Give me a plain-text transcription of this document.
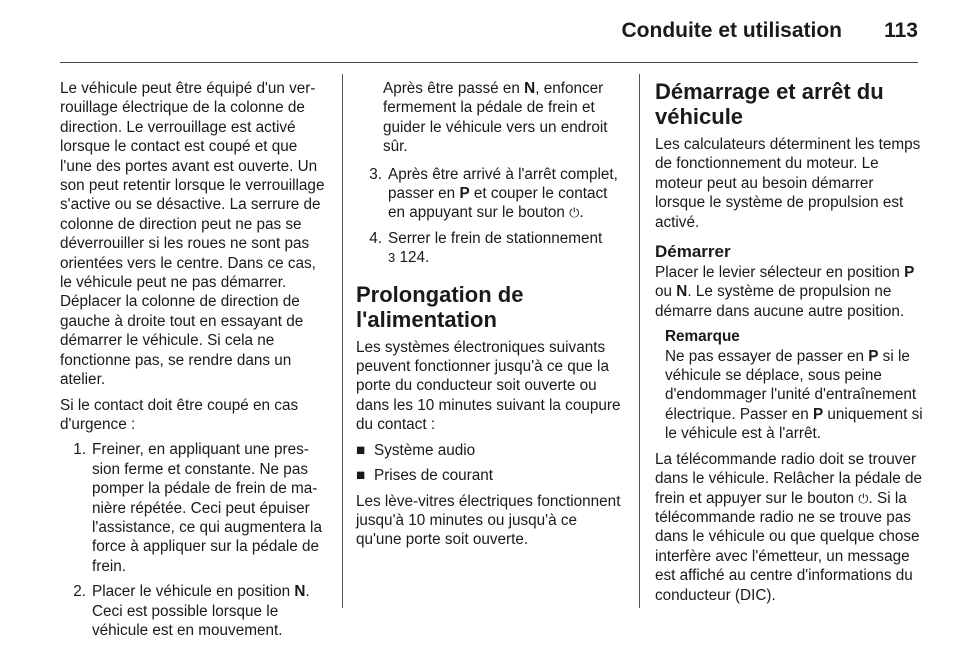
Conduite et utilisation 113

Le véhicule peut être équipé d'un verrouillage électrique de la colonne de direction. Le verrouillage est activé lorsque le contact est coupé et que l'une des portes avant est ouverte. Un son peut retentir lorsque le verrouillage s'active ou se désactive. La serrure de colonne de direction peut ne pas se déverrouiller si les roues ne sont pas orientées vers le centre. Dans ce cas, le véhicule peut ne pas démarrer. Déplacer la colonne de direction de gauche à droite tout en essayant de démarrer le véhicule. Si cela ne fonctionne pas, se rendre dans un atelier.

Si le contact doit être coupé en cas d'urgence :

1. Freiner, en appliquant une pression ferme et constante. Ne pas pomper la pédale de frein de manière répétée. Ceci peut épuiser l'assistance, ce qui augmentera la force à appliquer sur la pédale de frein.
2. Placer le véhicule en position N. Ceci est possible lorsque le véhicule est en mouvement.

Après être passé en N, enfoncer fermement la pédale de frein et guider le véhicule vers un endroit sûr.

3. Après être arrivé à l'arrêt complet, passer en P et couper le contact en appuyant sur le bouton ⏻.
4. Serrer le frein de stationnement
3 124.
Prolongation de l'alimentation

Les systèmes électroniques suivants peuvent fonctionner jusqu'à ce que la porte du conducteur soit ouverte ou dans les 10 minutes suivant la coupure du contact :

■ Système audio
■ Prises de courant

Les lève-vitres électriques fonctionnent jusqu'à 10 minutes ou jusqu'à ce qu'une porte soit ouverte.

Démarrage et arrêt du véhicule

Les calculateurs déterminent les temps de fonctionnement du moteur. Le moteur peut au besoin démarrer lorsque le système de propulsion est activé.

Démarrer

Placer le levier sélecteur en position P ou N. Le système de propulsion ne démarre dans aucune autre position.

Remarque
Ne pas essayer de passer en P si le véhicule se déplace, sous peine d'endommager l'unité d'entraînement électrique. Passer en P uniquement si le véhicule est à l'arrêt.

La télécommande radio doit se trouver dans le véhicule. Relâcher la pédale de frein et appuyer sur le bouton ⏻. Si la télécommande radio ne se trouve pas dans le véhicule ou que quelque chose interfère avec l'émetteur, un message est affiché au centre d'informations du conducteur (DIC).
